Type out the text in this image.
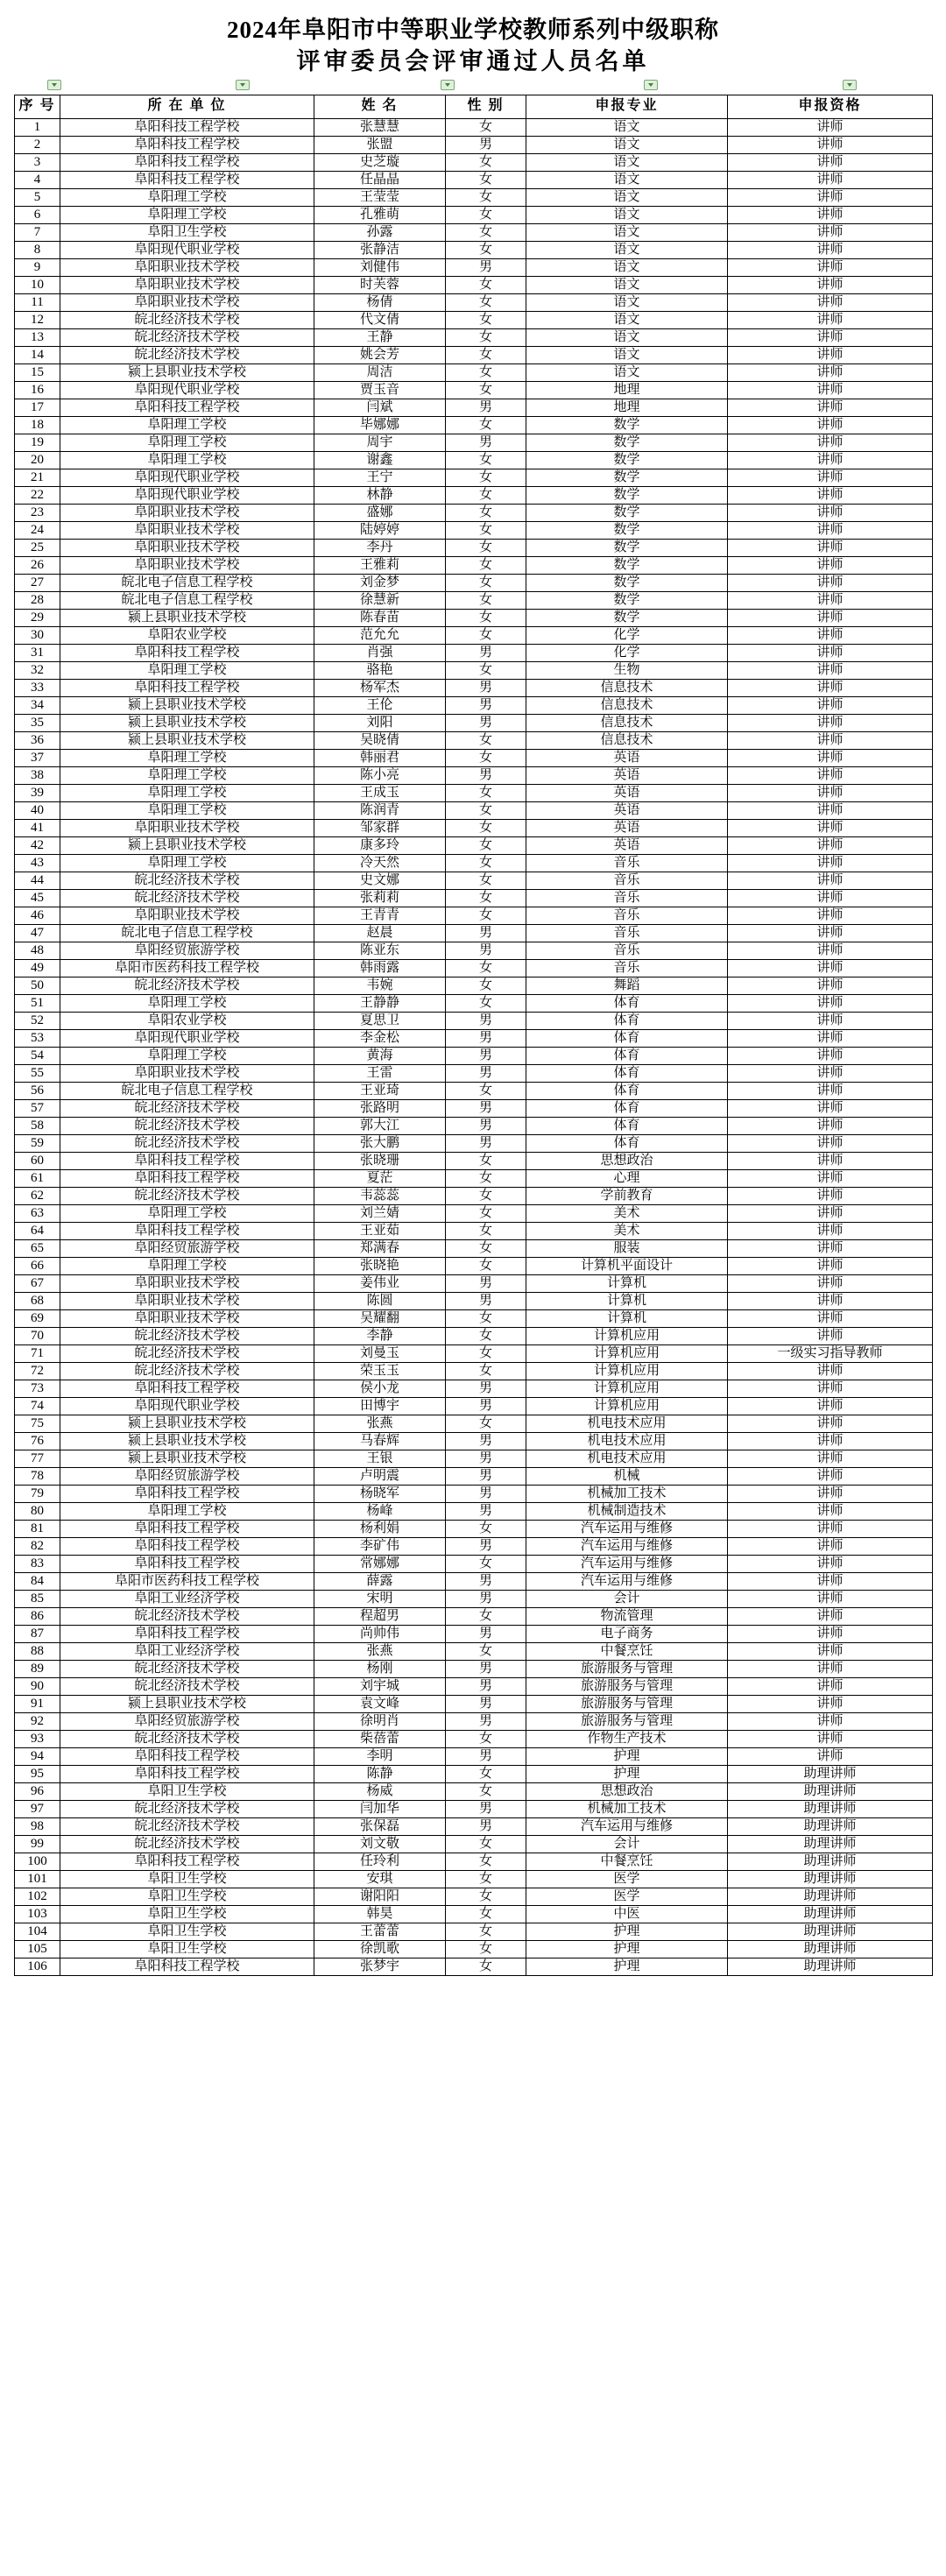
2024年阜阳市中等职业学校教师系列中级职称
评审委员会评审通过人员名单
序 号	所 在 单 位	姓 名	性 别	申报专业	申报资格
1	阜阳科技工程学校	张慧慧	女	语文	讲师
2	阜阳科技工程学校	张盟	男	语文	讲师
3	阜阳科技工程学校	史芝璇	女	语文	讲师
4	阜阳科技工程学校	任晶晶	女	语文	讲师
5	阜阳理工学校	王莹莹	女	语文	讲师
6	阜阳理工学校	孔雅萌	女	语文	讲师
7	阜阳卫生学校	孙露	女	语文	讲师
8	阜阳现代职业学校	张静洁	女	语文	讲师
9	阜阳职业技术学校	刘健伟	男	语文	讲师
10	阜阳职业技术学校	时芙蓉	女	语文	讲师
11	阜阳职业技术学校	杨倩	女	语文	讲师
12	皖北经济技术学校	代文倩	女	语文	讲师
13	皖北经济技术学校	王静	女	语文	讲师
14	皖北经济技术学校	姚会芳	女	语文	讲师
15	颍上县职业技术学校	周洁	女	语文	讲师
16	阜阳现代职业学校	贾玉音	女	地理	讲师
17	阜阳科技工程学校	闫斌	男	地理	讲师
18	阜阳理工学校	毕娜娜	女	数学	讲师
19	阜阳理工学校	周宇	男	数学	讲师
20	阜阳理工学校	谢鑫	女	数学	讲师
21	阜阳现代职业学校	王宁	女	数学	讲师
22	阜阳现代职业学校	林静	女	数学	讲师
23	阜阳职业技术学校	盛娜	女	数学	讲师
24	阜阳职业技术学校	陆婷婷	女	数学	讲师
25	阜阳职业技术学校	李丹	女	数学	讲师
26	阜阳职业技术学校	王雅莉	女	数学	讲师
27	皖北电子信息工程学校	刘金梦	女	数学	讲师
28	皖北电子信息工程学校	徐慧新	女	数学	讲师
29	颍上县职业技术学校	陈春苗	女	数学	讲师
30	阜阳农业学校	范允允	女	化学	讲师
31	阜阳科技工程学校	肖强	男	化学	讲师
32	阜阳理工学校	骆艳	女	生物	讲师
33	阜阳科技工程学校	杨军杰	男	信息技术	讲师
34	颍上县职业技术学校	王伦	男	信息技术	讲师
35	颍上县职业技术学校	刘阳	男	信息技术	讲师
36	颍上县职业技术学校	吴晓倩	女	信息技术	讲师
37	阜阳理工学校	韩丽君	女	英语	讲师
38	阜阳理工学校	陈小亮	男	英语	讲师
39	阜阳理工学校	王成玉	女	英语	讲师
40	阜阳理工学校	陈润青	女	英语	讲师
41	阜阳职业技术学校	邹家群	女	英语	讲师
42	颍上县职业技术学校	康多玲	女	英语	讲师
43	阜阳理工学校	冷天然	女	音乐	讲师
44	皖北经济技术学校	史文娜	女	音乐	讲师
45	皖北经济技术学校	张莉莉	女	音乐	讲师
46	阜阳职业技术学校	王青青	女	音乐	讲师
47	皖北电子信息工程学校	赵晨	男	音乐	讲师
48	阜阳经贸旅游学校	陈亚东	男	音乐	讲师
49	阜阳市医药科技工程学校	韩雨露	女	音乐	讲师
50	皖北经济技术学校	韦婉	女	舞蹈	讲师
51	阜阳理工学校	王静静	女	体育	讲师
52	阜阳农业学校	夏思卫	男	体育	讲师
53	阜阳现代职业学校	李金松	男	体育	讲师
54	阜阳理工学校	黄海	男	体育	讲师
55	阜阳职业技术学校	王雷	男	体育	讲师
56	皖北电子信息工程学校	王亚琦	女	体育	讲师
57	皖北经济技术学校	张路明	男	体育	讲师
58	皖北经济技术学校	郭大江	男	体育	讲师
59	皖北经济技术学校	张大鹏	男	体育	讲师
60	阜阳科技工程学校	张晓珊	女	思想政治	讲师
61	阜阳科技工程学校	夏茫	女	心理	讲师
62	皖北经济技术学校	韦蕊蕊	女	学前教育	讲师
63	阜阳理工学校	刘兰婧	女	美术	讲师
64	阜阳科技工程学校	王亚茹	女	美术	讲师
65	阜阳经贸旅游学校	郑满春	女	服装	讲师
66	阜阳理工学校	张晓艳	女	计算机平面设计	讲师
67	阜阳职业技术学校	姜伟业	男	计算机	讲师
68	阜阳职业技术学校	陈圆	男	计算机	讲师
69	阜阳职业技术学校	吴耀翻	女	计算机	讲师
70	皖北经济技术学校	李静	女	计算机应用	讲师
71	皖北经济技术学校	刘曼玉	女	计算机应用	一级实习指导教师
72	皖北经济技术学校	荣玉玉	女	计算机应用	讲师
73	阜阳科技工程学校	侯小龙	男	计算机应用	讲师
74	阜阳现代职业学校	田博宇	男	计算机应用	讲师
75	颍上县职业技术学校	张燕	女	机电技术应用	讲师
76	颍上县职业技术学校	马春辉	男	机电技术应用	讲师
77	颍上县职业技术学校	王银	男	机电技术应用	讲师
78	阜阳经贸旅游学校	卢明震	男	机械	讲师
79	阜阳科技工程学校	杨晓军	男	机械加工技术	讲师
80	阜阳理工学校	杨峰	男	机械制造技术	讲师
81	阜阳科技工程学校	杨利娟	女	汽车运用与维修	讲师
82	阜阳科技工程学校	李矿伟	男	汽车运用与维修	讲师
83	阜阳科技工程学校	常娜娜	女	汽车运用与维修	讲师
84	阜阳市医药科技工程学校	薛露	男	汽车运用与维修	讲师
85	阜阳工业经济学校	宋明	男	会计	讲师
86	皖北经济技术学校	程超男	女	物流管理	讲师
87	阜阳科技工程学校	尚帅伟	男	电子商务	讲师
88	阜阳工业经济学校	张燕	女	中餐烹饪	讲师
89	皖北经济技术学校	杨刚	男	旅游服务与管理	讲师
90	皖北经济技术学校	刘宇城	男	旅游服务与管理	讲师
91	颍上县职业技术学校	袁文峰	男	旅游服务与管理	讲师
92	阜阳经贸旅游学校	徐明肖	男	旅游服务与管理	讲师
93	皖北经济技术学校	柴蓓蕾	女	作物生产技术	讲师
94	阜阳科技工程学校	李明	男	护理	讲师
95	阜阳科技工程学校	陈静	女	护理	助理讲师
96	阜阳卫生学校	杨威	女	思想政治	助理讲师
97	皖北经济技术学校	闫加华	男	机械加工技术	助理讲师
98	皖北经济技术学校	张保磊	男	汽车运用与维修	助理讲师
99	皖北经济技术学校	刘文敬	女	会计	助理讲师
100	阜阳科技工程学校	任玲利	女	中餐烹饪	助理讲师
101	阜阳卫生学校	安琪	女	医学	助理讲师
102	阜阳卫生学校	谢阳阳	女	医学	助理讲师
103	阜阳卫生学校	韩昊	女	中医	助理讲师
104	阜阳卫生学校	王蕾蕾	女	护理	助理讲师
105	阜阳卫生学校	徐凯歌	女	护理	助理讲师
106	阜阳科技工程学校	张梦宇	女	护理	助理讲师
